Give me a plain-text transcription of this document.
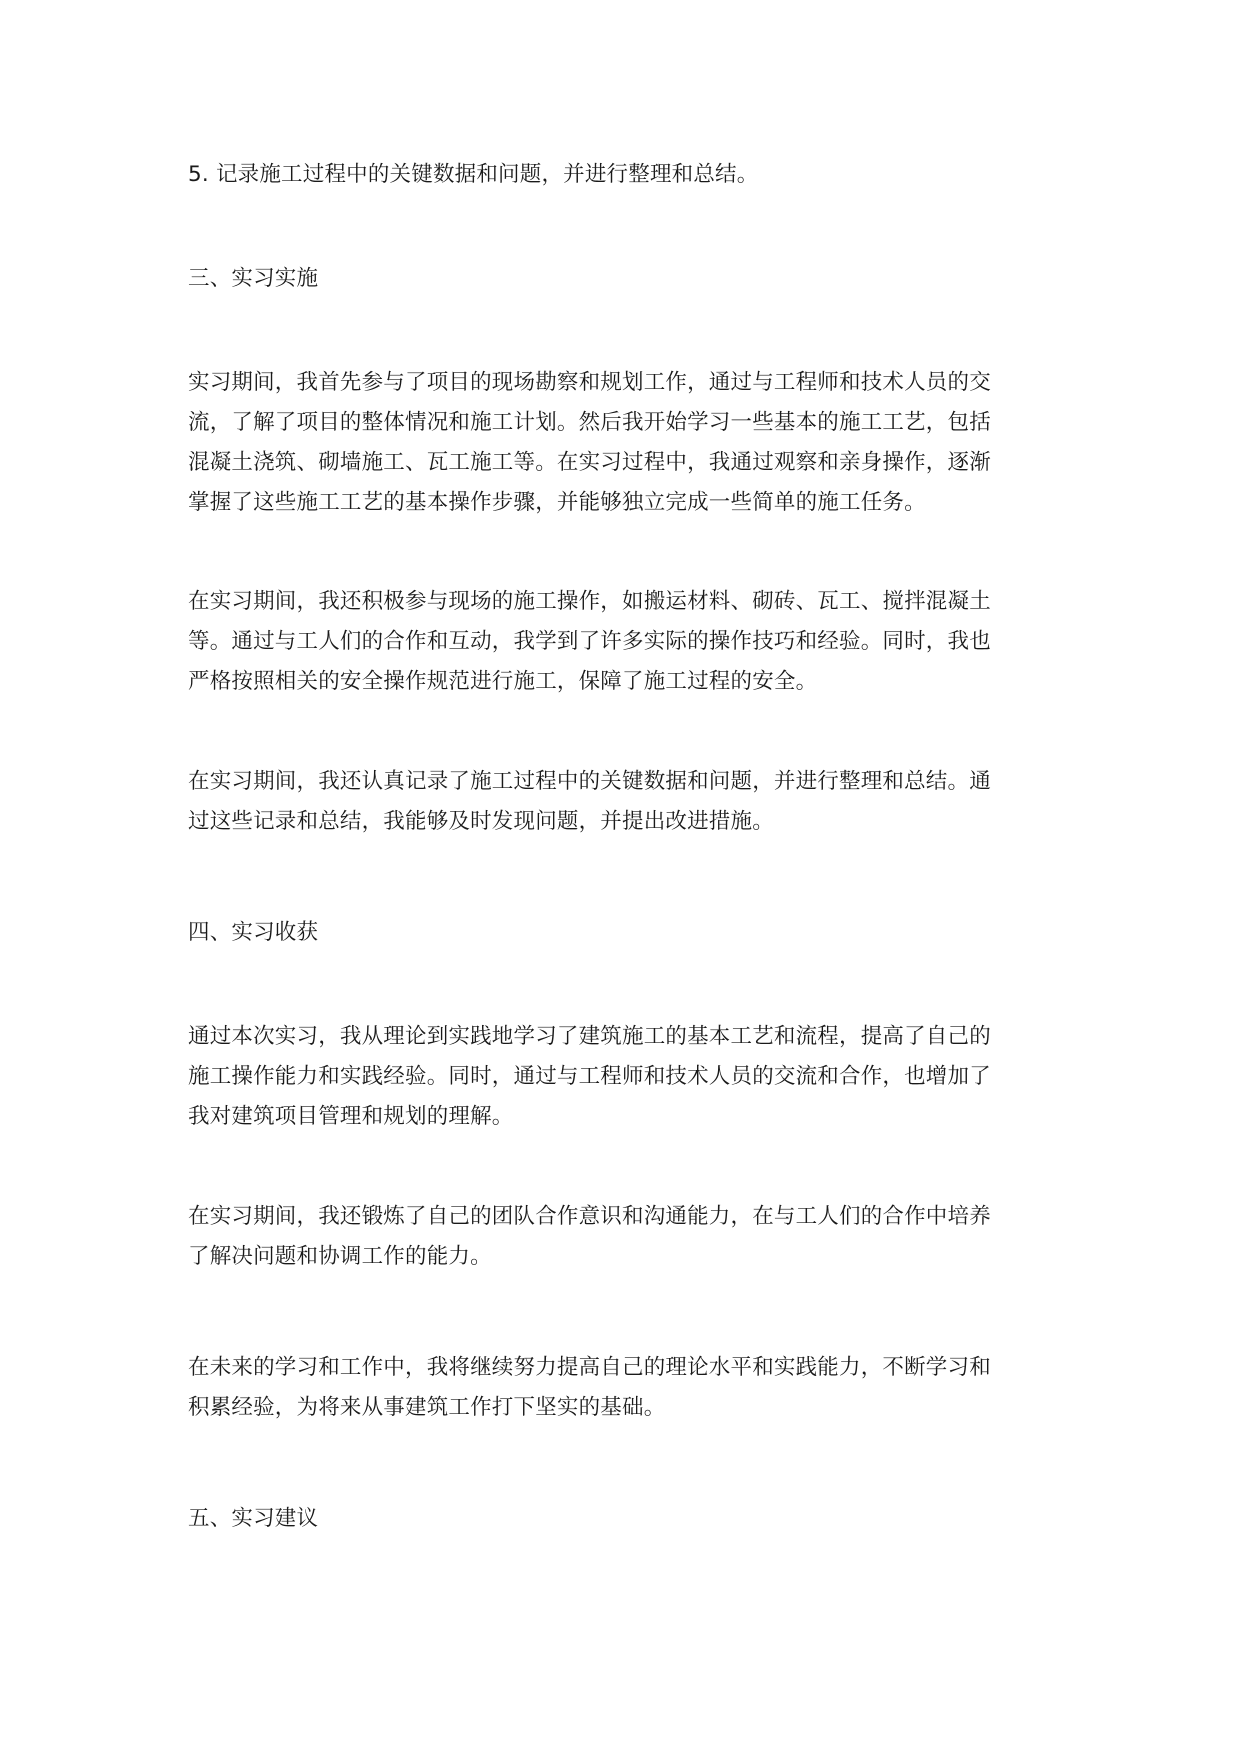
5. 记录施工过程中的关键数据和问题，并进行整理和总结。

三、实习实施

实习期间，我首先参与了项目的现场勘察和规划工作，通过与工程师和技术人员的交
流，了解了项目的整体情况和施工计划。然后我开始学习一些基本的施工工艺，包括
混凝土浇筑、砌墙施工、瓦工施工等。在实习过程中，我通过观察和亲身操作，逐渐
掌握了这些施工工艺的基本操作步骤，并能够独立完成一些简单的施工任务。

在实习期间，我还积极参与现场的施工操作，如搬运材料、砌砖、瓦工、搅拌混凝土
等。通过与工人们的合作和互动，我学到了许多实际的操作技巧和经验。同时，我也
严格按照相关的安全操作规范进行施工，保障了施工过程的安全。

在实习期间，我还认真记录了施工过程中的关键数据和问题，并进行整理和总结。通
过这些记录和总结，我能够及时发现问题，并提出改进措施。

四、实习收获

通过本次实习，我从理论到实践地学习了建筑施工的基本工艺和流程，提高了自己的
施工操作能力和实践经验。同时，通过与工程师和技术人员的交流和合作，也增加了
我对建筑项目管理和规划的理解。

在实习期间，我还锻炼了自己的团队合作意识和沟通能力，在与工人们的合作中培养
了解决问题和协调工作的能力。

在未来的学习和工作中，我将继续努力提高自己的理论水平和实践能力，不断学习和
积累经验，为将来从事建筑工作打下坚实的基础。

五、实习建议
